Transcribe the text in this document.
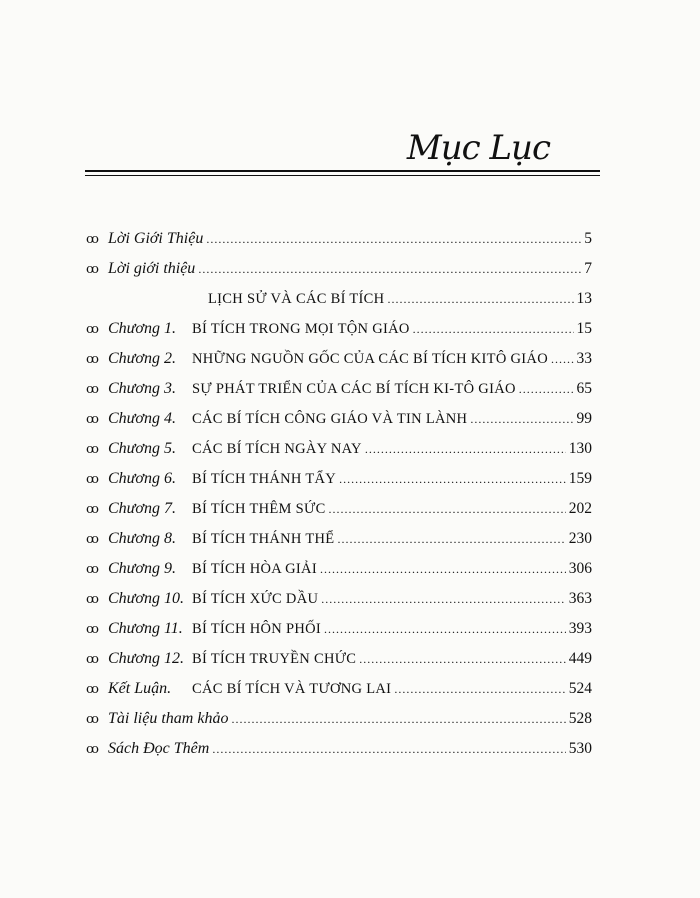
Mục Lục
ꝏ Lời Giới Thiệu .....	5
ꝏ Lời giới thiệu .....	7
LỊCH SỬ VÀ CÁC BÍ TÍCH .....	13
ꝏ Chương 1.	BÍ TÍCH TRONG MỌI TỘN GIÁO .....	15
ꝏ Chương 2.	NHỮNG NGUỒN GỐC CỦA CÁC BÍ TÍCH KITÔ GIÁO ..... 33
ꝏ Chương 3.	SỰ PHÁT TRIỂN CỦA CÁC BÍ TÍCH KI-TÔ GIÁO .....	65
ꝏ Chương 4.	CÁC BÍ TÍCH CÔNG GIÁO VÀ TIN LÀNH .....	99
ꝏ Chương 5.	CÁC BÍ TÍCH NGÀY NAY .....	130
ꝏ Chương 6.	BÍ TÍCH THÁNH TẨY .....	159
ꝏ Chương 7.	BÍ TÍCH THÊM SỨC .....	202
ꝏ Chương 8.	BÍ TÍCH THÁNH THỂ .....	230
ꝏ Chương 9.	BÍ TÍCH HÒA GIẢI .....	306
ꝏ Chương 10. BÍ TÍCH XỨC DẦU .....	363
ꝏ Chương 11. BÍ TÍCH HÔN PHỐI .....	393
ꝏ Chương 12. BÍ TÍCH TRUYỀN CHỨC .....	449
ꝏ Kết Luận.	CÁC BÍ TÍCH VÀ TƯƠNG LAI .....	524
ꝏ Tài liệu tham khảo .....	528
ꝏ Sách Đọc Thêm .....	530
